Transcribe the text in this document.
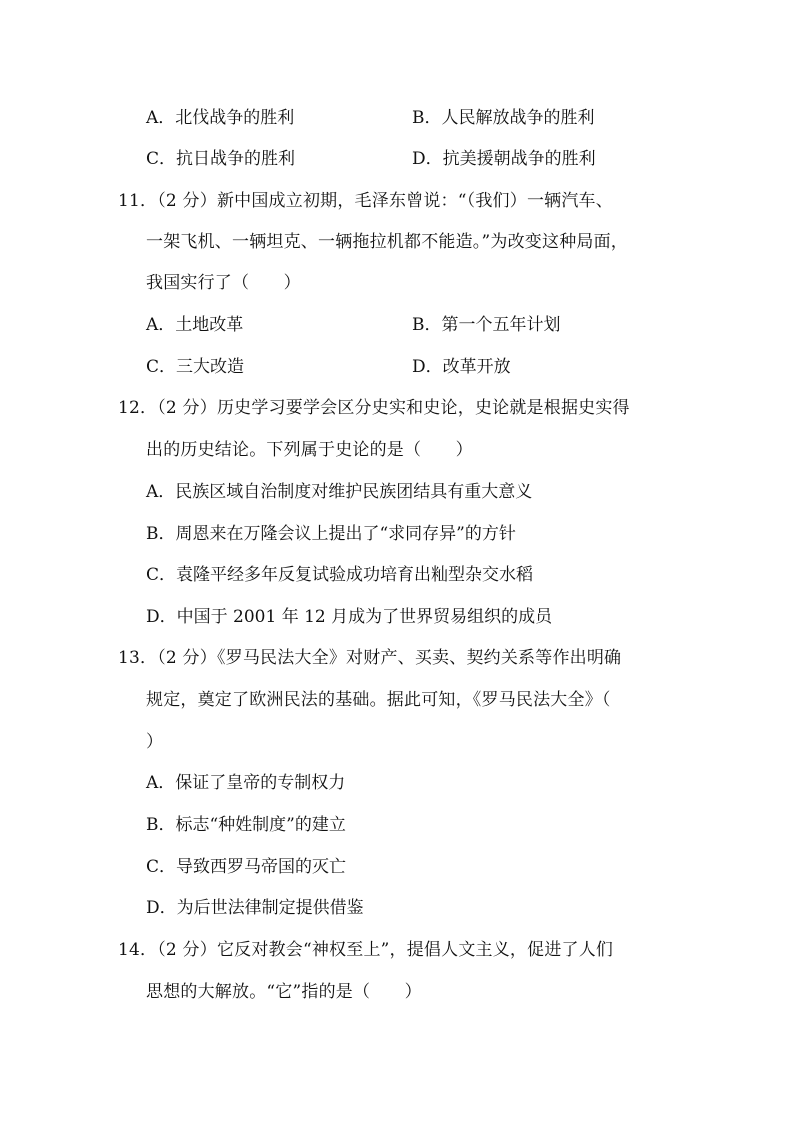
A．北伐战争的胜利	B．人民解放战争的胜利
C．抗日战争的胜利	D．抗美援朝战争的胜利
11．（2 分）新中国成立初期，毛泽东曾说：“（我们）一辆汽车、
一架飞机、一辆坦克、一辆拖拉机都不能造。”为改变这种局面，
我国实行了（　　）
A．土地改革	B．第一个五年计划
C．三大改造	D．改革开放
12．（2 分）历史学习要学会区分史实和史论，史论就是根据史实得
出的历史结论。下列属于史论的是（　　）
A．民族区域自治制度对维护民族团结具有重大意义
B．周恩来在万隆会议上提出了“求同存异”的方针
C．袁隆平经多年反复试验成功培育出籼型杂交水稻
D．中国于 2001 年 12 月成为了世界贸易组织的成员
13．（2 分）《罗马民法大全》对财产、买卖、契约关系等作出明确
规定，奠定了欧洲民法的基础。据此可知，《罗马民法大全》（
）
A．保证了皇帝的专制权力
B．标志“种姓制度”的建立
C．导致西罗马帝国的灭亡
D．为后世法律制定提供借鉴
14．（2 分）它反对教会“神权至上”，提倡人文主义，促进了人们
思想的大解放。“它”指的是（　　）
